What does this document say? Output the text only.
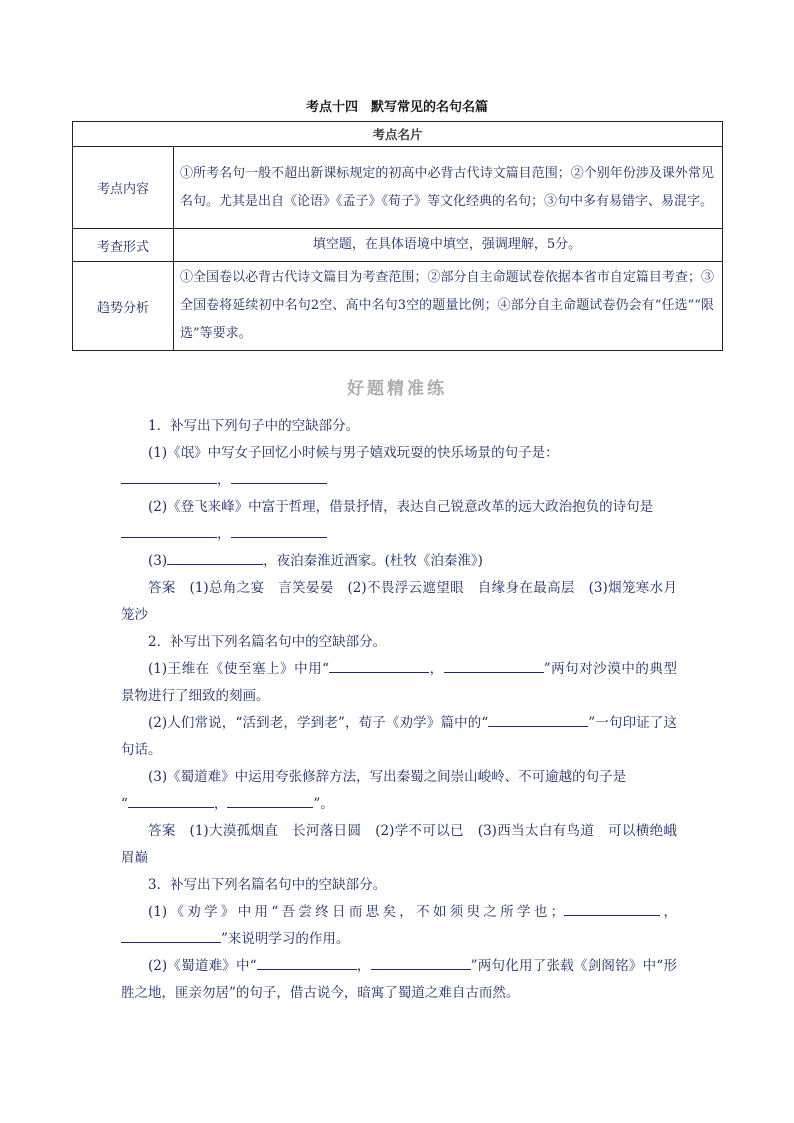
考点十四　默写常见的名句名篇
考点名片	
考点内容	①所考名句一般不超出新课标规定的初高中必背古代诗文篇目范围；②个别年份涉及课外常见名句。尤其是出自《论语》《孟子》《荀子》等文化经典的名句；③句中多有易错字、易混字。
考查形式	填空题，在具体语境中填空，强调理解，5分。
趋势分析	①全国卷以必背古代诗文篇目为考查范围；②部分自主命题试卷依据本省市自定篇目考查；③全国卷将延续初中名句2空、高中名句3空的题量比例；④部分自主命题试卷仍会有“任选”“限选”等要求。
好题精准练

1．补写出下列句子中的空缺部分。

(1)《氓》中写女子回忆小时候与男子嬉戏玩耍的快乐场景的句子是：

，

(2)《登飞来峰》中富于哲理，借景抒情，表达自己锐意改革的远大政治抱负的诗句是

，

(3)	，夜泊秦淮近酒家。(杜牧《泊秦淮》)

答案　(1)总角之宴　言笑晏晏　(2)不畏浮云遮望眼　自缘身在最高层　(3)烟笼寒水月笼沙

2．补写出下列名篇名句中的空缺部分。

(1)王维在《使至塞上》中用“	，	”两句对沙漠中的典型景物进行了细致的刻画。

(2)人们常说，“活到老，学到老”，荀子《劝学》篇中的“	”一句印证了这句话。

(3)《蜀道难》中运用夸张修辞方法，写出秦蜀之间崇山峻岭、不可逾越的句子是

“	，	”。

答案　(1)大漠孤烟直　长河落日圆　(2)学不可以已　(3)西当太白有鸟道　可以横绝峨眉巅

3．补写出下列名篇名句中的空缺部分。

(1)《劝学》中用“吾尝终日而思矣，不如须臾之所学也；	，”来说明学习的作用。

(2)《蜀道难》中“	，	”两句化用了张载《剑阁铭》中“形胜之地，匪亲勿居”的句子，借古说今，暗寓了蜀道之难自古而然。
